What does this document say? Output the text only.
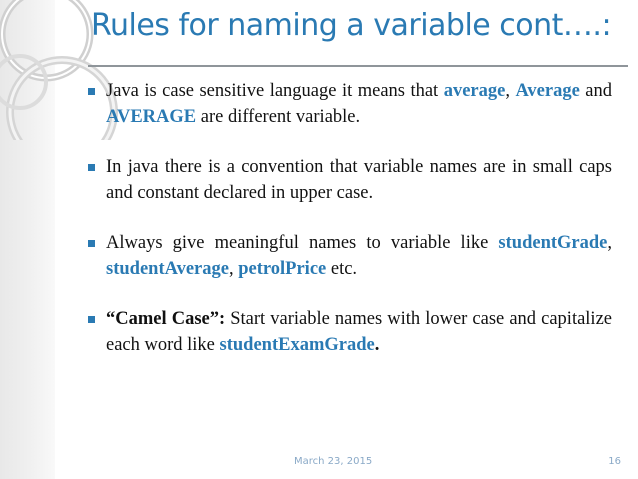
Rules for naming a variable cont….:
Java is case sensitive language it means that average, Average and AVERAGE are different variable.
In java there is a convention that variable names are in small caps and constant declared in upper case.
Always give meaningful names to variable like studentGrade, studentAverage, petrolPrice etc.
“Camel Case”: Start variable names with lower case and capitalize each word like studentExamGrade.
March 23, 2015	16
